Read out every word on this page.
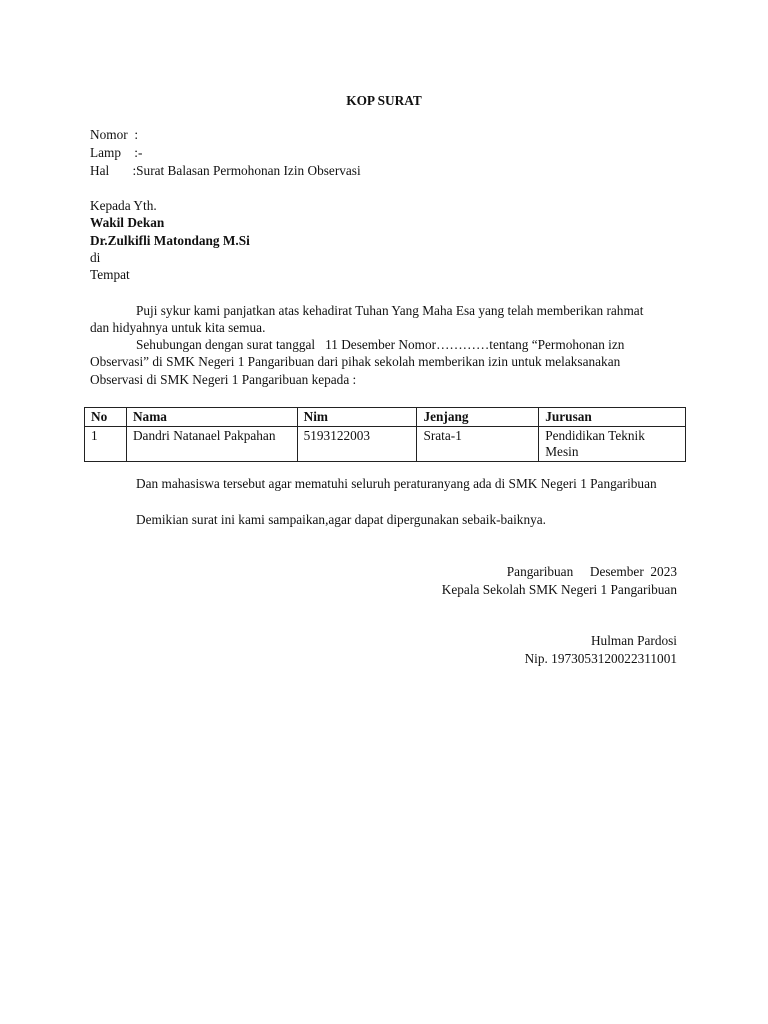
KOP SURAT
Nomor  :
Lamp    :-
Hal       :Surat Balasan Permohonan Izin Observasi
Kepada Yth.
Wakil Dekan
Dr.Zulkifli Matondang M.Si
di
Tempat
Puji sykur kami panjatkan atas kehadirat Tuhan Yang Maha Esa yang telah memberikan rahmat
dan hidyahnya untuk kita semua.
Sehubungan dengan surat tanggal   11 Desember Nomor…………tentang “Permohonan izn
Observasi” di SMK Negeri 1 Pangaribuan dari pihak sekolah memberikan izin untuk melaksanakan
Observasi di SMK Negeri 1 Pangaribuan kepada :
No	Nama	Nim	Jenjang	Jurusan
1	Dandri Natanael Pakpahan	5193122003	Srata-1	Pendidikan Teknik Mesin
Dan mahasiswa tersebut agar mematuhi seluruh peraturanyang ada di SMK Negeri 1 Pangaribuan
Demikian surat ini kami sampaikan,agar dapat dipergunakan sebaik-baiknya.
Pangaribuan     Desember  2023
Kepala Sekolah SMK Negeri 1 Pangaribuan
Hulman Pardosi
Nip. 1973053120022311001
